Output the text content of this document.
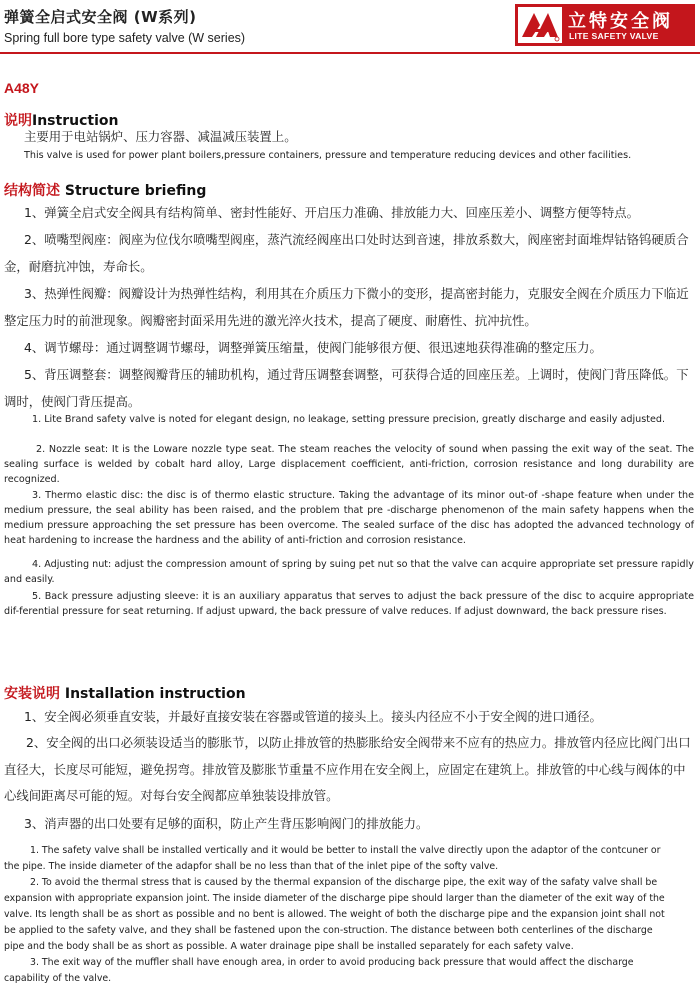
弹簧全启式安全阀 (W系列)
Spring full bore type safety valve (W series)
立特安全阀
LITE SAFETY VALVE
A48Y
说明Instruction
主要用于电站锅炉、压力容器、减温减压装置上。
This valve is used for power plant boilers,pressure containers, pressure and temperature reducing devices and other facilities.
结构简述 Structure briefing
1、弹簧全启式安全阀具有结构简单、密封性能好、开启压力准确、排放能力大、回座压差小、调整方便等特点。
2、喷嘴型阀座：阀座为位伐尔喷嘴型阀座，蒸汽流经阀座出口处时达到音速，排放系数大，阀座密封面堆焊钴铬钨硬质合金，耐磨抗冲蚀，寿命长。
3、热弹性阀瓣：阀瓣设计为热弹性结构，利用其在介质压力下微小的变形，提高密封能力，克服安全阀在介质压力下临近整定压力时的前泄现象。阀瓣密封面采用先进的激光淬火技术，提高了硬度、耐磨性、抗冲抗性。
4、调节螺母：通过调整调节螺母，调整弹簧压缩量，使阀门能够很方便、很迅速地获得准确的整定压力。
5、背压调整套：调整阀瓣背压的辅助机构，通过背压调整套调整，可获得合适的回座压差。上调时，使阀门背压降低。下调时，使阀门背压提高。
1. Lite Brand safety valve is noted for elegant design, no leakage, setting pressure precision, greatly discharge and easily adjusted.
2. Nozzle seat: It is the Loware nozzle type seat. The steam reaches the velocity of sound when passing the exit way of the seat. The sealing surface is welded by cobalt hard alloy, Large displacement coefficient, anti-friction, corrosion resistance and long durability are recognized.
3. Thermo elastic disc: the disc is of thermo elastic structure. Taking the advantage of its minor out-of -shape feature when under the medium pressure, the seal ability has been raised, and the problem that pre -discharge phenomenon of the main safety happens when the medium pressure approaching the set pressure has been overcome. The sealed surface of the disc has adopted the advanced technology of heat hardening to increase the hardness and the ability of anti-friction and corrosion resistance.
4. Adjusting nut: adjust the compression amount of spring by suing pet nut so that the valve can acquire appropriate set pressure rapidly and easily.
5. Back pressure adjusting sleeve: it is an auxiliary apparatus that serves to adjust the back pressure of the disc to acquire appropriate dif-ferential pressure for seat returning. If adjust upward, the back pressure of valve reduces. If adjust downward, the back pressure rises.
安装说明 Installation instruction
1、安全阀必须垂直安装，并最好直接安装在容器或管道的接头上。接头内径应不小于安全阀的进口通径。
2、安全阀的出口必须装设适当的膨胀节，以防止排放管的热膨胀给安全阀带来不应有的热应力。排放管内径应比阀门出口直径大，长度尽可能短，避免拐弯。排放管及膨胀节重量不应作用在安全阀上，应固定在建筑上。排放管的中心线与阀体的中心线间距离尽可能的短。对每台安全阀都应单独装设排放管。
3、消声器的出口处要有足够的面积，防止产生背压影响阀门的排放能力。
1. The safety valve shall be installed vertically and it would be better to install the valve directly upon the adaptor of the contcuner or
the pipe. The inside diameter of the adapfor shall be no less than that of the inlet pipe of the softy valve.
2. To avoid the thermal stress that is caused by the thermal expansion of the discharge pipe, the exit way of the safaty valve shall be
expansion with appropriate expansion joint. The inside diameter of the discharge pipe should larger than the diameter of the exit way of the
valve. Its length shall be as short as possible and no bent is allowed. The weight of both the discharge pipe and the expansion joint shall not
be applied to the safety valve, and they shall be fastened upon the con-struction. The distance between both centerlines of the discharge
pipe and the body shall be as short as possible. A water drainage pipe shall be installed separately for each safety valve.
3. The exit way of the muffler shall have enough area, in order to avoid producing back pressure that would affect the discharge
capability of the valve.
